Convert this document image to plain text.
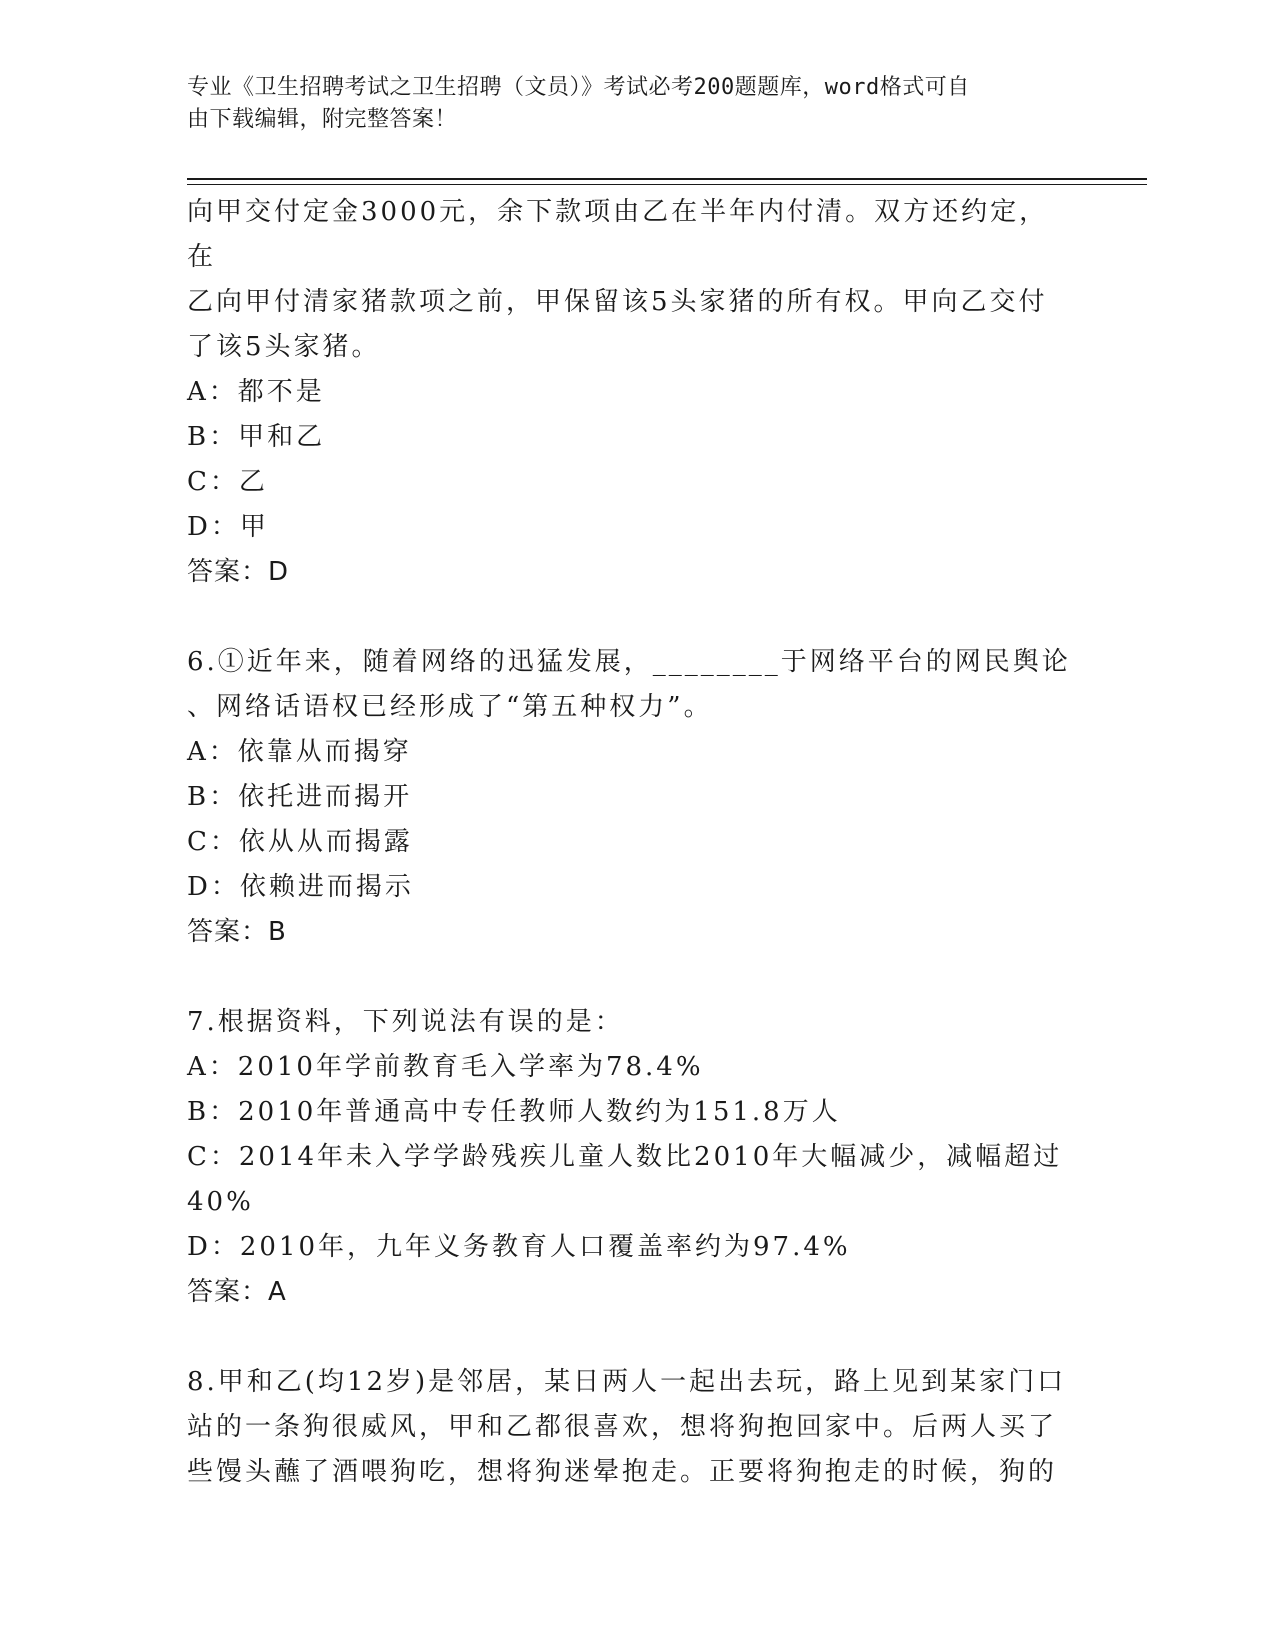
专业《卫生招聘考试之卫生招聘（文员）》考试必考200题题库，word格式可自
由下载编辑，附完整答案！

向甲交付定金3000元，余下款项由乙在半年内付清。双方还约定，在

乙向甲付清家猪款项之前，甲保留该5头家猪的所有权。甲向乙交付

了该5头家猪。

A：都不是

B：甲和乙

C：乙

D：甲

答案：D

6.①近年来，随着网络的迅猛发展，________于网络平台的网民舆论

、网络话语权已经形成了“第五种权力”。

A：依靠从而揭穿

B：依托进而揭开

C：依从从而揭露

D：依赖进而揭示

答案：B

7.根据资料，下列说法有误的是：

A：2010年学前教育毛入学率为78.4%

B：2010年普通高中专任教师人数约为151.8万人

C：2014年未入学学龄残疾儿童人数比2010年大幅减少，减幅超过

40%

D：2010年，九年义务教育人口覆盖率约为97.4%

答案：A

8.甲和乙(均12岁)是邻居，某日两人一起出去玩，路上见到某家门口

站的一条狗很威风，甲和乙都很喜欢，想将狗抱回家中。后两人买了

些馒头蘸了酒喂狗吃，想将狗迷晕抱走。正要将狗抱走的时候，狗的
